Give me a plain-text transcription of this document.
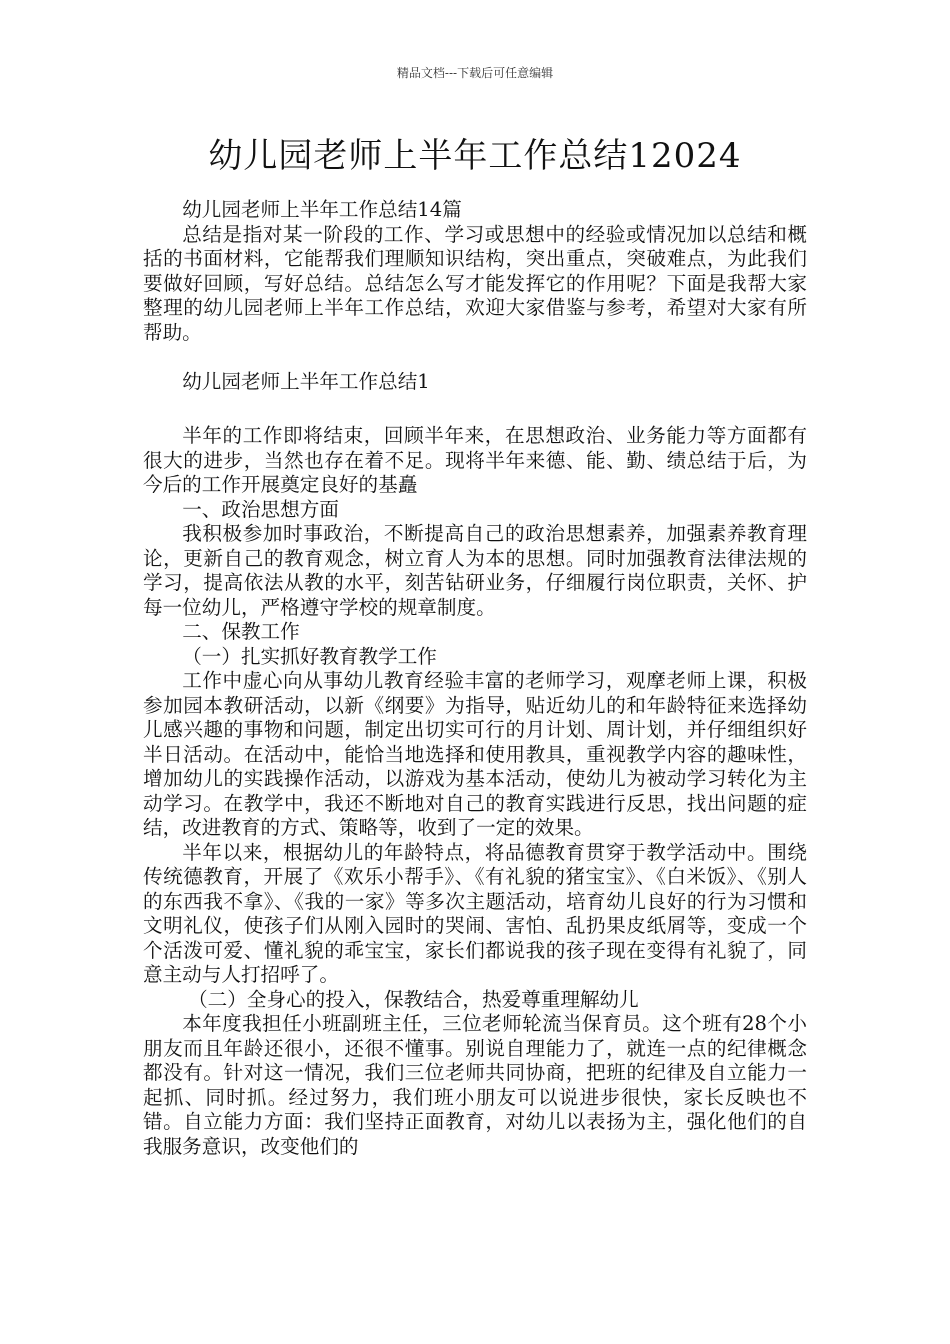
精品文档---下载后可任意编辑
幼儿园老师上半年工作总结12024

幼儿园老师上半年工作总结14篇

总结是指对某一阶段的工作、学习或思想中的经验或情况加以总结和概括的书面材料，它能帮我们理顺知识结构，突出重点，突破难点，为此我们要做好回顾，写好总结。总结怎么写才能发挥它的作用呢？下面是我帮大家整理的幼儿园老师上半年工作总结，欢迎大家借鉴与参考，希望对大家有所帮助。

幼儿园老师上半年工作总结1

半年的工作即将结束，回顾半年来，在思想政治、业务能力等方面都有很大的进步，当然也存在着不足。现将半年来德、能、勤、绩总结于后，为今后的工作开展奠定良好的基矗

一、政治思想方面

我积极参加时事政治，不断提高自己的政治思想素养，加强素养教育理论，更新自己的教育观念，树立育人为本的思想。同时加强教育法律法规的学习，提高依法从教的水平，刻苦钻研业务，仔细履行岗位职责，关怀、护每一位幼儿，严格遵守学校的规章制度。

二、保教工作

（一）扎实抓好教育教学工作

工作中虚心向从事幼儿教育经验丰富的老师学习，观摩老师上课，积极参加园本教研活动，以新《纲要》为指导，贴近幼儿的和年龄特征来选择幼儿感兴趣的事物和问题，制定出切实可行的月计划、周计划，并仔细组织好半日活动。在活动中，能恰当地选择和使用教具，重视教学内容的趣味性，增加幼儿的实践操作活动，以游戏为基本活动，使幼儿为被动学习转化为主动学习。在教学中，我还不断地对自己的教育实践进行反思，找出问题的症结，改进教育的方式、策略等，收到了一定的效果。

半年以来，根据幼儿的年龄特点，将品德教育贯穿于教学活动中。围绕传统德教育，开展了《欢乐小帮手》、《有礼貌的猪宝宝》、《白米饭》、《别人的东西我不拿》、《我的一家》等多次主题活动，培育幼儿良好的行为习惯和文明礼仪，使孩子们从刚入园时的哭闹、害怕、乱扔果皮纸屑等，变成一个个活泼可爱、懂礼貌的乖宝宝，家长们都说我的孩子现在变得有礼貌了，同意主动与人打招呼了。

（二）全身心的投入，保教结合，热爱尊重理解幼儿

本年度我担任小班副班主任，三位老师轮流当保育员。这个班有28个小朋友而且年龄还很小，还很不懂事。别说自理能力了，就连一点的纪律概念都没有。针对这一情况，我们三位老师共同协商，把班的纪律及自立能力一起抓、同时抓。经过努力，我们班小朋友可以说进步很快，家长反映也不错。自立能力方面：我们坚持正面教育，对幼儿以表扬为主，强化他们的自我服务意识，改变他们的
